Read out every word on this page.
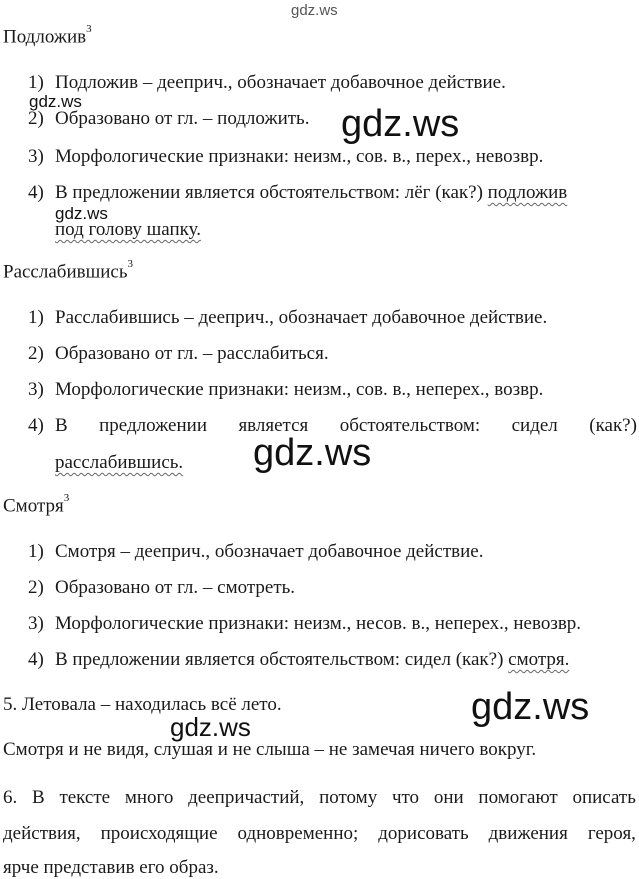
gdz.ws
Подложив$^3$
1) Подложив – дееприч., обозначает добавочное действие.
gdz.ws
2) Образовано от гл. – подложить. gdz.ws
3) Морфологические признаки: неизм., сов. в., перех., невозвр.
4) В предложении является обстоятельством: лёг (как?) подложив
gdz.ws
под голову шапку.
Расслабившись$^3$
1) Расслабившись – дееприч., обозначает добавочное действие.
2) Образовано от гл. – расслабиться.
3) Морфологические признаки: неизм., сов. в., неперех., возвр.
4) В предложении является обстоятельством: сидел (как?)
gdz.ws
расслабившись.
Смотря$^3$
1) Смотря – дееприч., обозначает добавочное действие.
2) Образовано от гл. – смотреть.
3) Морфологические признаки: неизм., несов. в., неперех., невозвр.
4) В предложении является обстоятельством: сидел (как?) смотря.
5. Летовала – находилась всё лето.	gdz.ws
gdz.ws
Смотря и не видя, слушая и не слыша – не замечая ничего вокруг.
6. В тексте много деепричастий, потому что они помогают описать
действия, происходящие одновременно; дорисовать движения героя,
ярче представив его образ.
